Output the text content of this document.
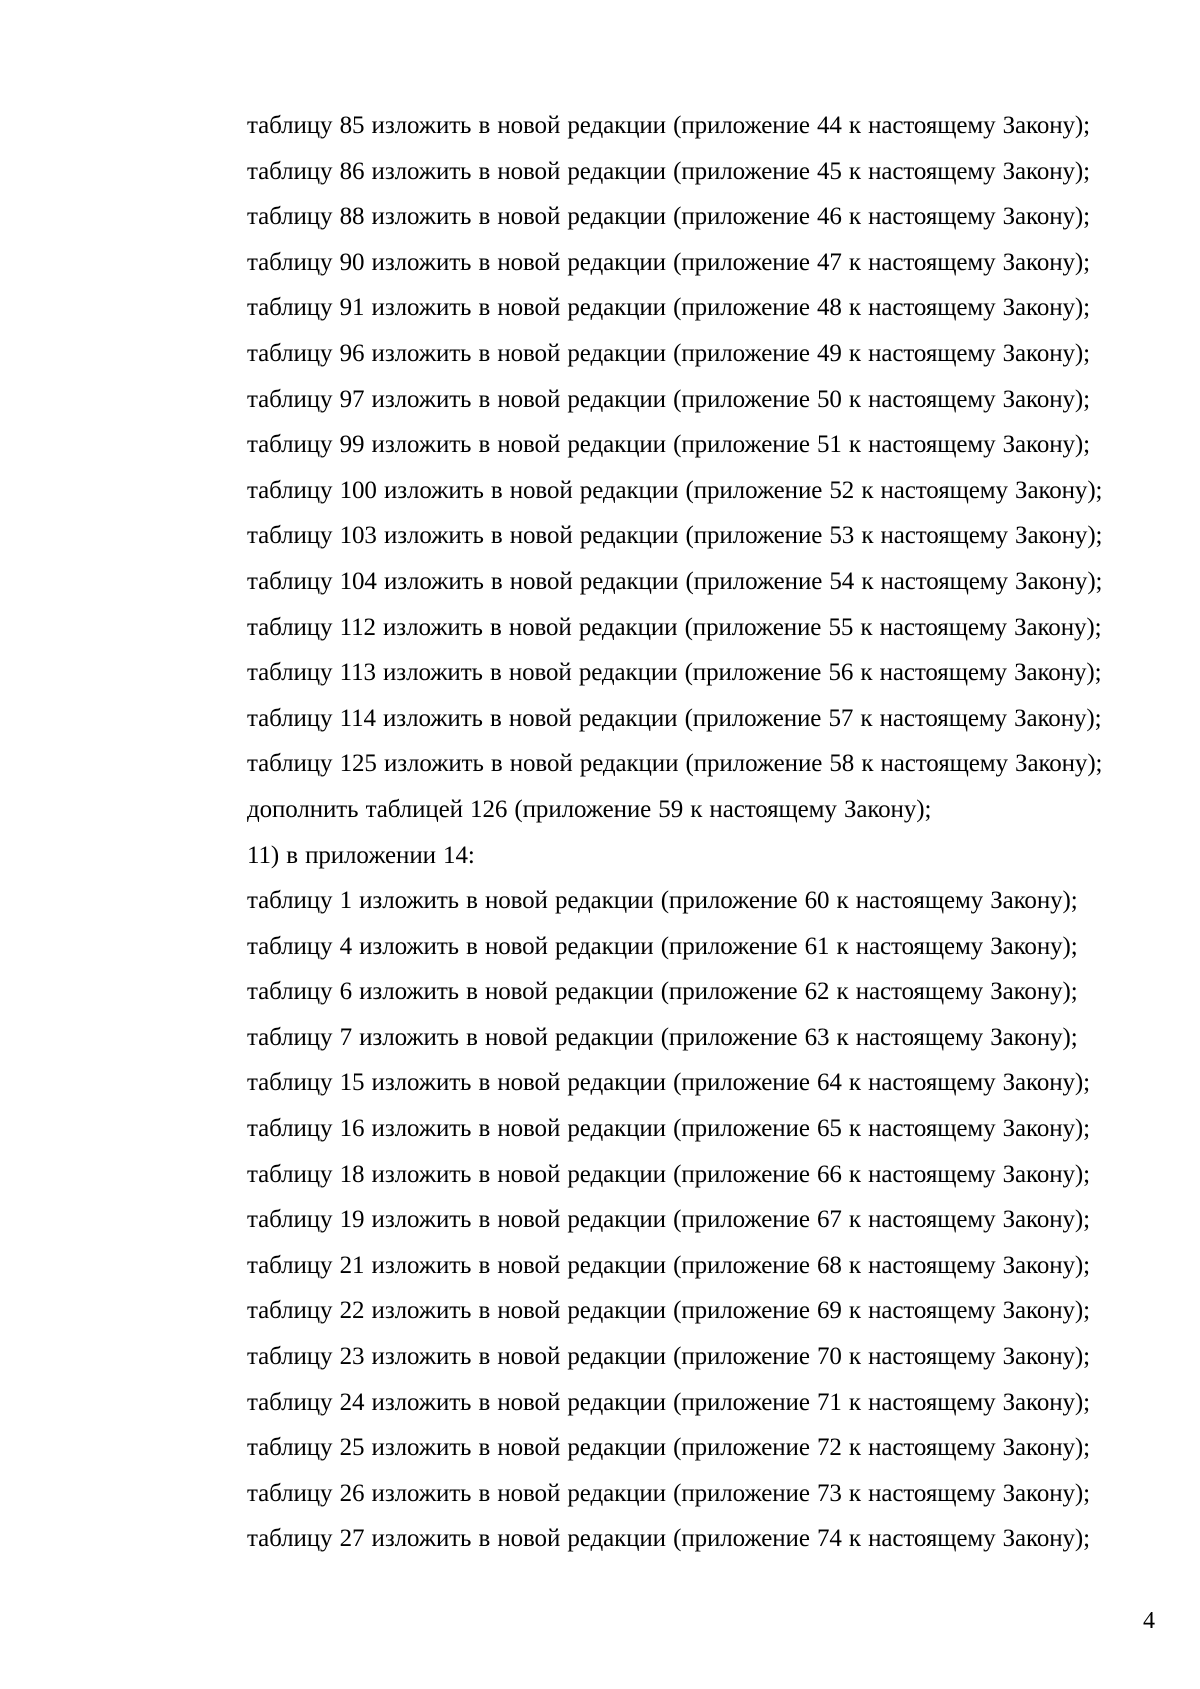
таблицу 85 изложить в новой редакции (приложение 44 к настоящему Закону);
таблицу 86 изложить в новой редакции (приложение 45 к настоящему Закону);
таблицу 88 изложить в новой редакции (приложение 46 к настоящему Закону);
таблицу 90 изложить в новой редакции (приложение 47 к настоящему Закону);
таблицу 91 изложить в новой редакции (приложение 48 к настоящему Закону);
таблицу 96 изложить в новой редакции (приложение 49 к настоящему Закону);
таблицу 97 изложить в новой редакции (приложение 50 к настоящему Закону);
таблицу 99 изложить в новой редакции (приложение 51 к настоящему Закону);
таблицу 100 изложить в новой редакции (приложение 52 к настоящему Закону);
таблицу 103 изложить в новой редакции (приложение 53 к настоящему Закону);
таблицу 104 изложить в новой редакции (приложение 54 к настоящему Закону);
таблицу 112 изложить в новой редакции (приложение 55 к настоящему Закону);
таблицу 113 изложить в новой редакции (приложение 56 к настоящему Закону);
таблицу 114 изложить в новой редакции (приложение 57 к настоящему Закону);
таблицу 125 изложить в новой редакции (приложение 58 к настоящему Закону);
дополнить таблицей 126 (приложение 59 к настоящему Закону);
11) в приложении 14:
таблицу 1 изложить в новой редакции (приложение 60 к настоящему Закону);
таблицу 4 изложить в новой редакции (приложение 61 к настоящему Закону);
таблицу 6 изложить в новой редакции (приложение 62 к настоящему Закону);
таблицу 7 изложить в новой редакции (приложение 63 к настоящему Закону);
таблицу 15 изложить в новой редакции (приложение 64 к настоящему Закону);
таблицу 16 изложить в новой редакции (приложение 65 к настоящему Закону);
таблицу 18 изложить в новой редакции (приложение 66 к настоящему Закону);
таблицу 19 изложить в новой редакции (приложение 67 к настоящему Закону);
таблицу 21 изложить в новой редакции (приложение 68 к настоящему Закону);
таблицу 22 изложить в новой редакции (приложение 69 к настоящему Закону);
таблицу 23 изложить в новой редакции (приложение 70 к настоящему Закону);
таблицу 24 изложить в новой редакции (приложение 71 к настоящему Закону);
таблицу 25 изложить в новой редакции (приложение 72 к настоящему Закону);
таблицу 26 изложить в новой редакции (приложение 73 к настоящему Закону);
таблицу 27 изложить в новой редакции (приложение 74 к настоящему Закону);
4
